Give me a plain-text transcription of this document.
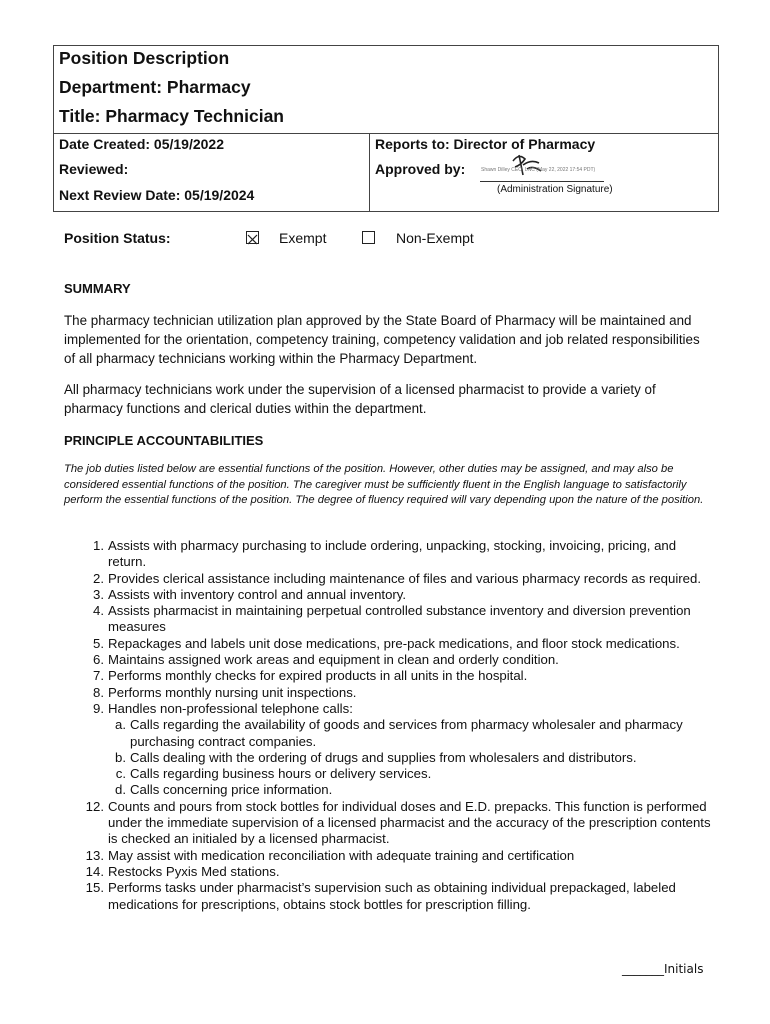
Position Description
Department: Pharmacy
Title: Pharmacy Technician
Date Created: 05/19/2022
Reviewed:
Next Review Date: 05/19/2024
Reports to: Director of Pharmacy
Approved by:	Shawn Dilley CEO, LNC (May 22, 2022 17:54 PDT)
(Administration Signature)
Position Status:	Exempt	Non-Exempt
SUMMARY

The pharmacy technician utilization plan approved by the State Board of Pharmacy will be maintained and implemented for the orientation, competency training, competency validation and job related responsibilities of all pharmacy technicians working within the Pharmacy Department.

All pharmacy technicians work under the supervision of a licensed pharmacist to provide a variety of pharmacy functions and clerical duties within the department.

PRINCIPLE ACCOUNTABILITIES

The job duties listed below are essential functions of the position. However, other duties may be assigned, and may also be considered essential functions of the position. The caregiver must be sufficiently fluent in the English language to satisfactorily perform the essential functions of the position. The degree of fluency required will vary depending upon the nature of the position.

1. Assists with pharmacy purchasing to include ordering, unpacking, stocking, invoicing, pricing, and return.
2. Provides clerical assistance including maintenance of files and various pharmacy records as required.
3. Assists with inventory control and annual inventory.
4. Assists pharmacist in maintaining perpetual controlled substance inventory and diversion prevention measures
5. Repackages and labels unit dose medications, pre-pack medications, and floor stock medications.
6. Maintains assigned work areas and equipment in clean and orderly condition.
7. Performs monthly checks for expired products in all units in the hospital.
8. Performs monthly nursing unit inspections.
9. Handles non-professional telephone calls:
a. Calls regarding the availability of goods and services from pharmacy wholesaler and pharmacy purchasing contract companies.
b. Calls dealing with the ordering of drugs and supplies from wholesalers and distributors.
c. Calls regarding business hours or delivery services.
d. Calls concerning price information.
12. Counts and pours from stock bottles for individual doses and E.D. prepacks. This function is performed under the immediate supervision of a licensed pharmacist and the accuracy of the prescription contents is checked an initialed by a licensed pharmacist.
13. May assist with medication reconciliation with adequate training and certification
14. Restocks Pyxis Med stations.
15. Performs tasks under pharmacist’s supervision such as obtaining individual prepackaged, labeled medications for prescriptions, obtains stock bottles for prescription filling.
_______Initials
